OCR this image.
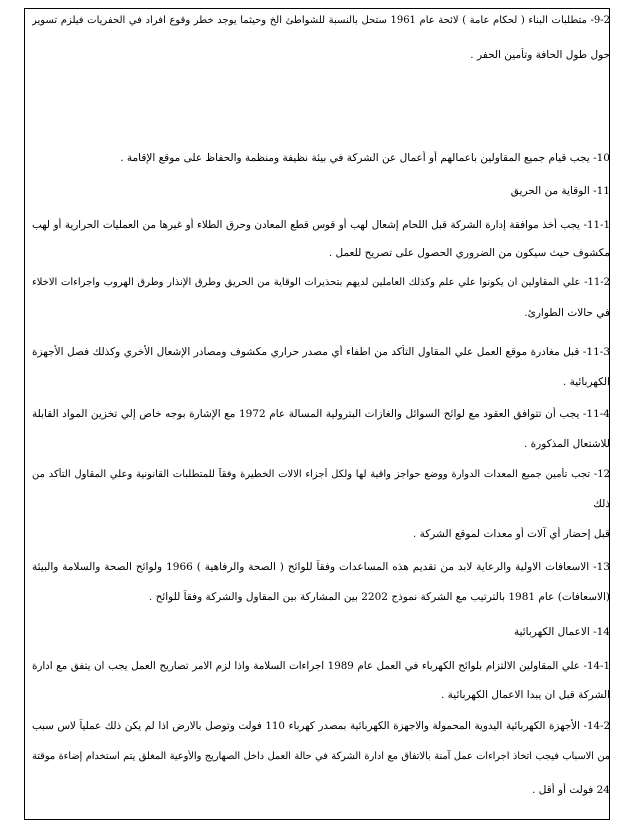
9-2- متطلبات البناء ( لحكام عامة ) لائحة عام 1961 ستحل بالنسبة للشواطئ الخ وحيثما يوجد خطر وقوع افراد في الحفريات فيلزم تسوير
حول طول الحافة وتأمين الحفر .
10- يجب قيام جميع المقاولين باعمالهم أو أعمال عن الشركة في بيئة نظيفة ومنظمة والحفاظ على موقع الإقامة .
11- الوقاية من الحريق
11-1- يجب أخذ موافقة إدارة الشركة قبل اللحام إشعال لهب أو قوس قطع المعادن وحرق الطلاء أو غيرها من العمليات الحرارية أو لهب
مكشوف حيث سيكون من الضروري الحصول على تصريح للعمل .
11-2- علي المقاولين ان يكونوا علي علم وكذلك العاملين لديهم بتحذيرات الوقاية من الحريق وطرق الإنذار وطرق الهروب واجراءات الاخلاء
في حالات الطوارئ.
11-3- قبل مغادرة موقع العمل علي المقاول التأكد من اطفاء أي مصدر حراري مكشوف ومصادر الإشعال الأخري وكذلك فصل الأجهزة
الكهربائية .
11-4- يجب أن تتوافق العقود مع لوائح السوائل والغازات البترولية المسالة عام 1972 مع الإشارة بوجه خاص إلي تخزين المواد القابلة
للاشتعال المذكورة .
12- تجب تأمين جميع المعدات الدوارة ووضع حواجز واقية لها ولكل أجزاء الالات الخطيرة وفقاً للمتطلبات القانونية وعلي المقاول التأكد من
ذلك
قبل إحضار أي آلات أو معدات لموقع الشركة .
13- الاسعافات الاولية والرعاية لابد من تقديم هذه المساعدات وفقاً للوائح ( الصحة والرفاهية ) 1966 ولوائح الصحة والسلامة والبيئة
(الاسعافات) عام 1981 بالترتيب مع الشركة نموذج 2202 بين المشاركة بين المقاول والشركة وفقاً للوائح .
14- الاعمال الكهربائية
14-1- علي المقاولين الالتزام بلوائح الكهرباء في العمل عام 1989 اجراءات السلامة واذا لزم الامر تصاريح العمل يجب ان يتفق مع ادارة
الشركة قبل ان يبدا الاعمال الكهربائية .
14-2- الأجهزة الكهربائية اليدوية المحمولة والاجهزة الكهربائية بمصدر كهرباء 110 فولت وتوصل بالارض اذا لم يكن ذلك عملياً لاس سبب
من الاسباب فيجب اتخاذ اجراءات عمل آمنة بالاتفاق مع ادارة الشركة في حالة العمل داخل الصهاريج والأوعية المغلق يتم استخدام إضاءة موقتة
24 فولت أو أقل .
